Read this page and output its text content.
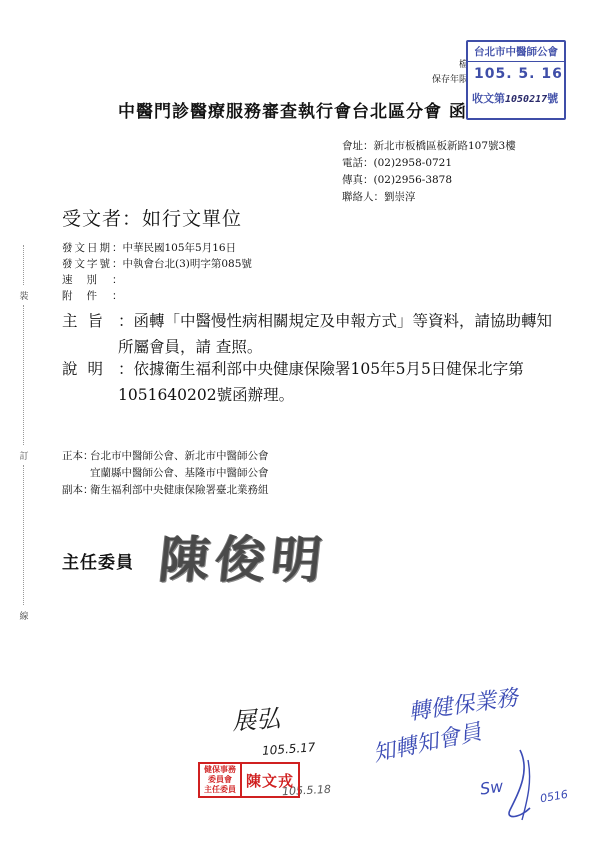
檔
保存年限
台北市中醫師公會
105. 5. 16
收文第1050217號
中醫門診醫療服務審查執行會台北區分會 函
會址：新北市板橋區板新路107號3樓
電話：(02)2958-0721
傳真：(02)2956-3878
聯絡人：劉崇淳
受文者：如行文單位
發文日期 ：中華民國105年5月16日
發文字號 ：中執會台北(3)明字第085號
速別 ：
附件 ：
主旨 ：函轉「中醫慢性病相關規定及申報方式」等資料，請協助轉知所屬會員，請 查照。
說明 ：依據衛生福利部中央健康保險署105年5月5日健保北字第1051640202號函辦理。
正本：
台北市中醫師公會、新北市中醫師公會
宜蘭縣中醫師公會、基隆市中醫師公會
副本：
衛生福利部中央健康保險署臺北業務組
裝
訂
線
主任委員 陳俊明
展弘
105.5.17
105.5.18
轉健保業務
知轉知會員
Sw	0516
健保事務委員會 主任委員 陳文戎
